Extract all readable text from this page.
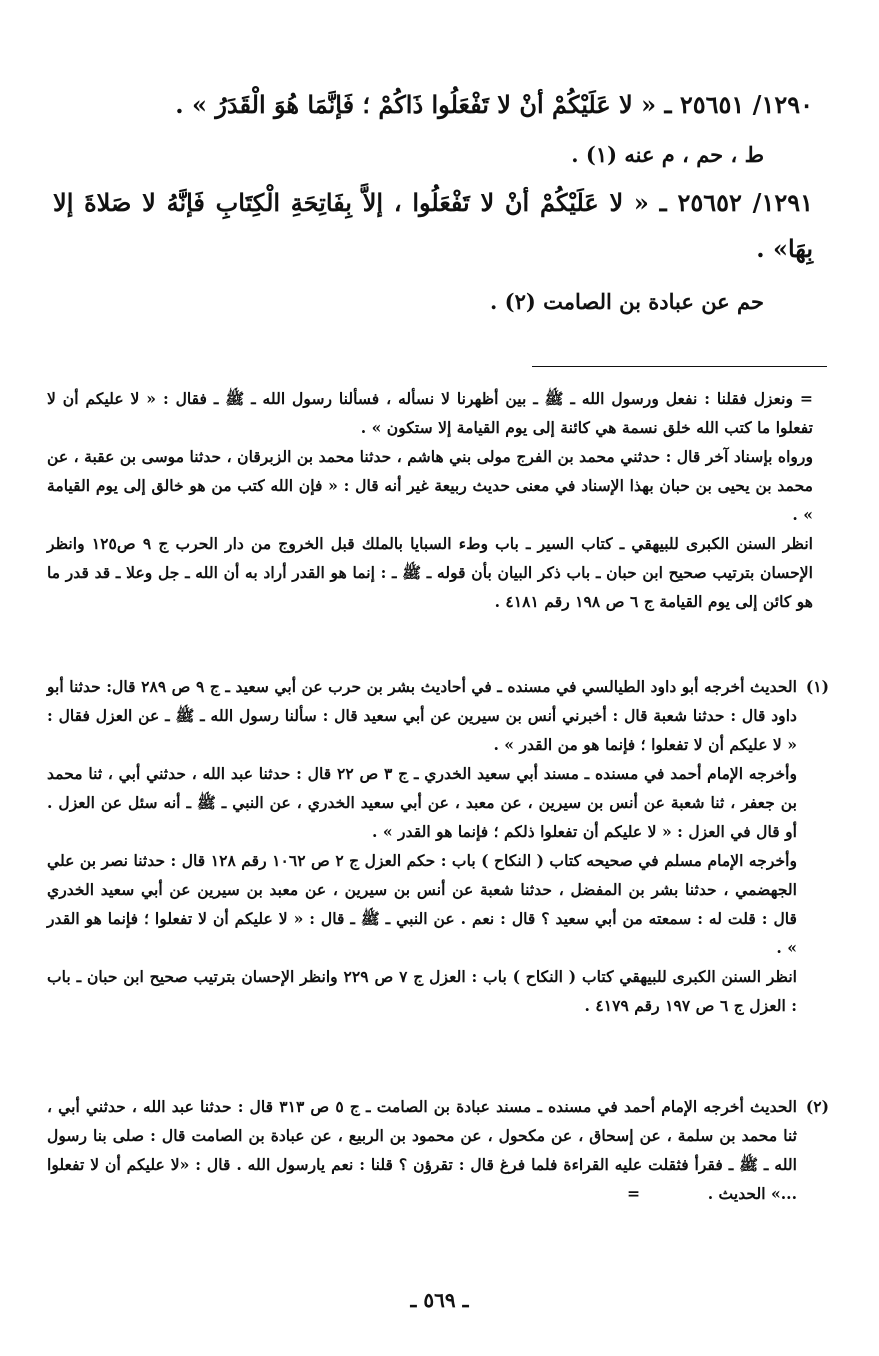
١٢٩٠/ ٢٥٦٥١ ـ « لا عَلَيْكُمْ أنْ لا تَفْعَلُوا ذَاكُمْ ؛ فَإنَّمَا هُوَ الْقَدَرُ » .
ط ، حم ، م عنه (١) .
١٢٩١/ ٢٥٦٥٢ ـ « لا عَلَيْكُمْ أنْ لا تَفْعَلُوا ، إلاَّ بِفَاتِحَةِ الْكِتَابِ فَإنَّهُ لا صَلاةَ إلا بِهَا» .
حم عن عبادة بن الصامت (٢) .
= ونعزل فقلنا : نفعل ورسول الله ـ ﷺ ـ بين أظهرنا لا نسأله ، فسألنا رسول الله ـ ﷺ ـ فقال : « لا عليكم أن لا تفعلوا ما كتب الله خلق نسمة هي كائنة إلى يوم القيامة إلا ستكون » .
ورواه بإسناد آخر قال : حدثني محمد بن الفرج مولى بني هاشم ، حدثنا محمد بن الزبرقان ، حدثنا موسى بن عقبة ، عن محمد بن يحيى بن حبان بهذا الإسناد في معنى حديث ربيعة غير أنه قال : « فإن الله كتب من هو خالق إلى يوم القيامة » .
انظر السنن الكبرى للبيهقي ـ كتاب السير ـ باب وطء السبايا بالملك قبل الخروج من دار الحرب ج ٩ ص١٢٥ وانظر الإحسان بترتيب صحيح ابن حبان ـ باب ذكر البيان بأن قوله ـ ﷺ ـ : إنما هو القدر أراد به أن الله ـ جل وعلا ـ قد قدر ما هو كائن إلى يوم القيامة ج ٦ ص ١٩٨ رقم ٤١٨١ .
(١)
الحديث أخرجه أبو داود الطيالسي في مسنده ـ في أحاديث بشر بن حرب عن أبي سعيد ـ ج ٩ ص ٢٨٩ قال: حدثنا أبو داود قال : حدثنا شعبة قال : أخبرني أنس بن سيرين عن أبي سعيد قال : سألنا رسول الله ـ ﷺ ـ عن العزل فقال : « لا عليكم أن لا تفعلوا ؛ فإنما هو من القدر » .
وأخرجه الإمام أحمد في مسنده ـ مسند أبي سعيد الخدري ـ ج ٣ ص ٢٢ قال : حدثنا عبد الله ، حدثني أبي ، ثنا محمد بن جعفر ، ثنا شعبة عن أنس بن سيرين ، عن معبد ، عن أبي سعيد الخدري ، عن النبي ـ ﷺ ـ أنه سئل عن العزل . أو قال في العزل : « لا عليكم أن تفعلوا ذلكم ؛ فإنما هو القدر » .
وأخرجه الإمام مسلم في صحيحه كتاب ( النكاح ) باب : حكم العزل ج ٢ ص ١٠٦٢ رقم ١٢٨ قال : حدثنا نصر بن علي الجهضمي ، حدثنا بشر بن المفضل ، حدثنا شعبة عن أنس بن سيرين ، عن معبد بن سيرين عن أبي سعيد الخدري قال : قلت له : سمعته من أبي سعيد ؟ قال : نعم . عن النبي ـ ﷺ ـ قال : « لا عليكم أن لا تفعلوا ؛ فإنما هو القدر » .
انظر السنن الكبرى للبيهقي كتاب ( النكاح ) باب : العزل ج ٧ ص ٢٢٩ وانظر الإحسان بترتيب صحيح ابن حبان ـ باب : العزل ج ٦ ص ١٩٧ رقم ٤١٧٩ .
(٢)
الحديث أخرجه الإمام أحمد في مسنده ـ مسند عبادة بن الصامت ـ ج ٥ ص ٣١٣ قال : حدثنا عبد الله ، حدثني أبي ، ثنا محمد بن سلمة ، عن إسحاق ، عن مكحول ، عن محمود بن الربيع ، عن عبادة بن الصامت قال : صلى بنا رسول الله ـ ﷺ ـ فقرأ فثقلت عليه القراءة فلما فرغ قال : تقرؤن ؟ قلنا : نعم يارسول الله . قال : «لا عليكم أن لا تفعلوا ...» الحديث .
=
ـ ٥٦٩ ـ
